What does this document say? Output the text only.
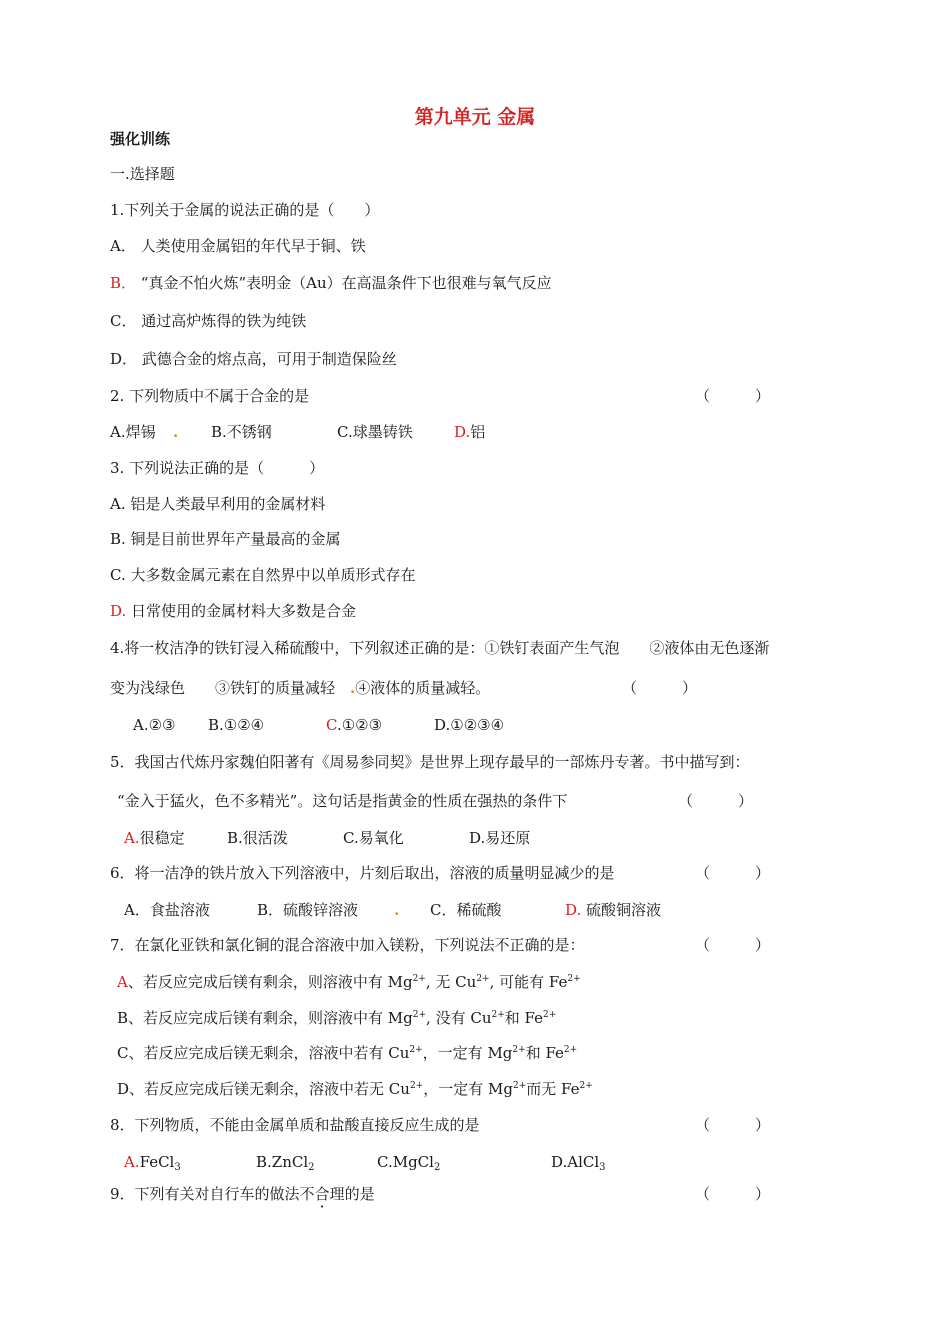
第九单元 金属
强化训练
一.选择题
1.下列关于金属的说法正确的是（　　）
A． 人类使用金属铝的年代早于铜、铁
B． “真金不怕火炼”表明金（Au）在高温条件下也很难与氧气反应
C． 通过高炉炼得的铁为纯铁
D． 武德合金的熔点高，可用于制造保险丝
2. 下列物质中不属于合金的是	（　　　）
A.焊锡 . B.不锈钢	C.球墨铸铁	D.铝
3. 下列说法正确的是（　　　）
A. 铝是人类最早利用的金属材料
B. 铜是目前世界年产量最高的金属
C. 大多数金属元素在自然界中以单质形式存在
D. 日常使用的金属材料大多数是合金
4.将一枚洁净的铁钉浸入稀硫酸中，下列叙述正确的是：①铁钉表面产生气泡　　②液体由无色逐渐
变为浅绿色　　③铁钉的质量减轻　.④液体的质量减轻。	（　　　）
A.②③ B.①②④	C.①②③	D.①②③④
5．我国古代炼丹家魏伯阳著有《周易参同契》是世界上现存最早的一部炼丹专著。书中描写到：
“金入于猛火，色不多精光”。这句话是指黄金的性质在强热的条件下	（　　　）
A.很稳定	B.很活泼	C.易氧化	D.易还原
6．将一洁净的铁片放入下列溶液中，片刻后取出，溶液的质量明显减少的是	（　　　）
A．食盐溶液	B．硫酸锌溶液 . C．稀硫酸	D. 硫酸铜溶液
7．在氯化亚铁和氯化铜的混合溶液中加入镁粉，下列说法不正确的是：	（　　　）
A、若反应完成后镁有剩余，则溶液中有 $Mg^{2+}$, 无 $Cu^{2+}$, 可能有 $Fe^{2+}$
B、若反应完成后镁有剩余，则溶液中有 $Mg^{2+}$, 没有 $Cu^{2+}$和 $Fe^{2+}$
C、若反应完成后镁无剩余，溶液中若有 $Cu^{2+}$，一定有 $Mg^{2+}$和 $Fe^{2+}$
D、若反应完成后镁无剩余，溶液中若无 $Cu^{2+}$，一定有 $Mg^{2+}$而无 $Fe^{2+}$
8．下列物质，不能由金属单质和盐酸直接反应生成的是	（　　　）
A.FeCl$_3$	B.ZnCl$_2$	C.MgCl$_2$	D.AlCl$_3$
9．下列有关对自行车的做法不合理的是	（　　　）
